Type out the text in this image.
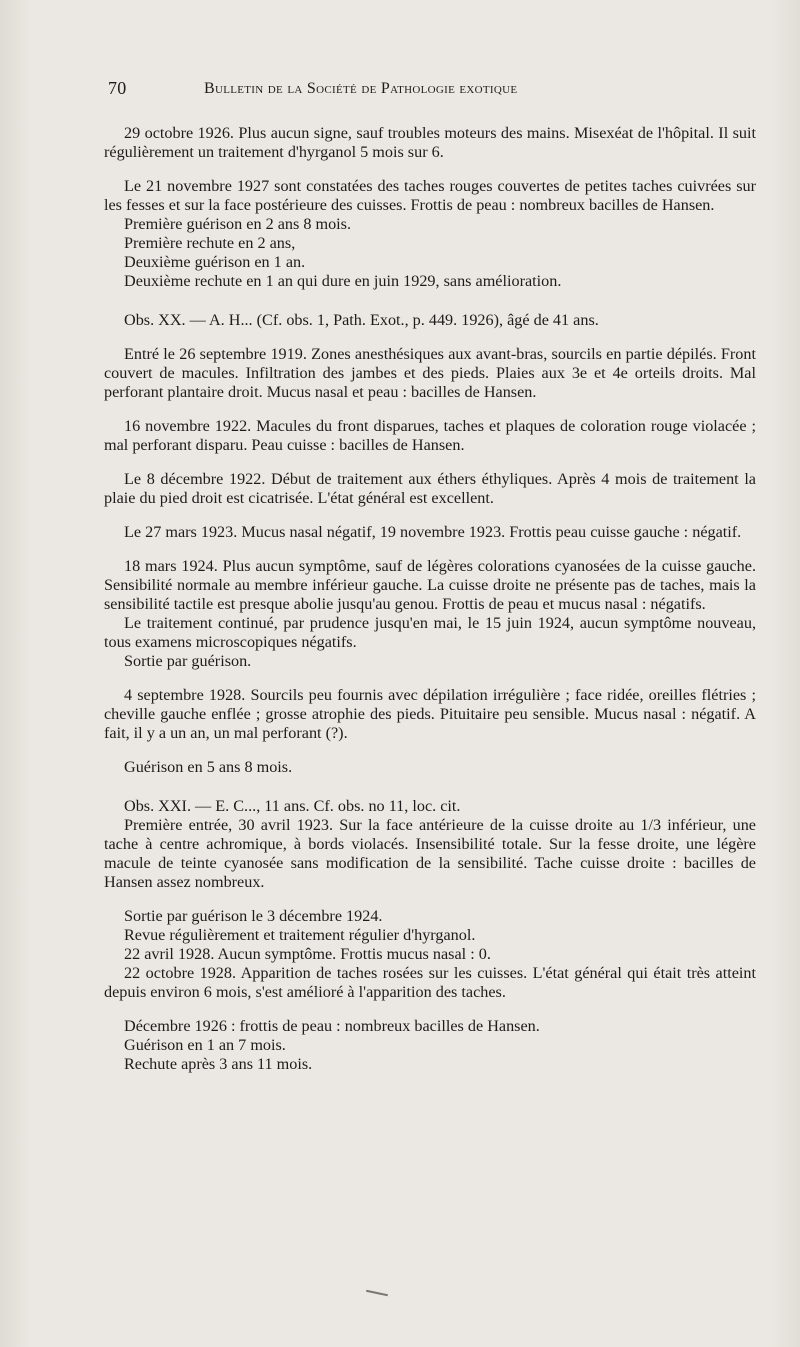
70	Bulletin de la Société de Pathologie exotique

29 octobre 1926. Plus aucun signe, sauf troubles moteurs des mains. Misexéat de l'hôpital. Il suit régulièrement un traitement d'hyrganol 5 mois sur 6.

Le 21 novembre 1927 sont constatées des taches rouges couvertes de petites taches cuivrées sur les fesses et sur la face postérieure des cuisses. Frottis de peau : nombreux bacilles de Hansen.

Première guérison en 2 ans 8 mois.

Première rechute en 2 ans,

Deuxième guérison en 1 an.

Deuxième rechute en 1 an qui dure en juin 1929, sans amélioration.

Obs. XX. — A. H... (Cf. obs. 1, Path. Exot., p. 449. 1926), âgé de 41 ans.

Entré le 26 septembre 1919. Zones anesthésiques aux avant-bras, sourcils en partie dépilés. Front couvert de macules. Infiltration des jambes et des pieds. Plaies aux 3e et 4e orteils droits. Mal perforant plantaire droit. Mucus nasal et peau : bacilles de Hansen.

16 novembre 1922. Macules du front disparues, taches et plaques de coloration rouge violacée ; mal perforant disparu. Peau cuisse : bacilles de Hansen.

Le 8 décembre 1922. Début de traitement aux éthers éthyliques. Après 4 mois de traitement la plaie du pied droit est cicatrisée. L'état général est excellent.

Le 27 mars 1923. Mucus nasal négatif, 19 novembre 1923. Frottis peau cuisse gauche : négatif.

18 mars 1924. Plus aucun symptôme, sauf de légères colorations cyanosées de la cuisse gauche. Sensibilité normale au membre inférieur gauche. La cuisse droite ne présente pas de taches, mais la sensibilité tactile est presque abolie jusqu'au genou. Frottis de peau et mucus nasal : négatifs.

Le traitement continué, par prudence jusqu'en mai, le 15 juin 1924, aucun symptôme nouveau, tous examens microscopiques négatifs.

Sortie par guérison.

4 septembre 1928. Sourcils peu fournis avec dépilation irrégulière ; face ridée, oreilles flétries ; cheville gauche enflée ; grosse atrophie des pieds. Pituitaire peu sensible. Mucus nasal : négatif. A fait, il y a un an, un mal perforant (?).

Guérison en 5 ans 8 mois.

Obs. XXI. — E. C..., 11 ans. Cf. obs. no 11, loc. cit.

Première entrée, 30 avril 1923. Sur la face antérieure de la cuisse droite au 1/3 inférieur, une tache à centre achromique, à bords violacés. Insensibilité totale. Sur la fesse droite, une légère macule de teinte cyanosée sans modification de la sensibilité. Tache cuisse droite : bacilles de Hansen assez nombreux.

Sortie par guérison le 3 décembre 1924.

Revue régulièrement et traitement régulier d'hyrganol.

22 avril 1928. Aucun symptôme. Frottis mucus nasal : 0.

22 octobre 1928. Apparition de taches rosées sur les cuisses. L'état général qui était très atteint depuis environ 6 mois, s'est amélioré à l'apparition des taches.

Décembre 1926 : frottis de peau : nombreux bacilles de Hansen.

Guérison en 1 an 7 mois.

Rechute après 3 ans 11 mois.
